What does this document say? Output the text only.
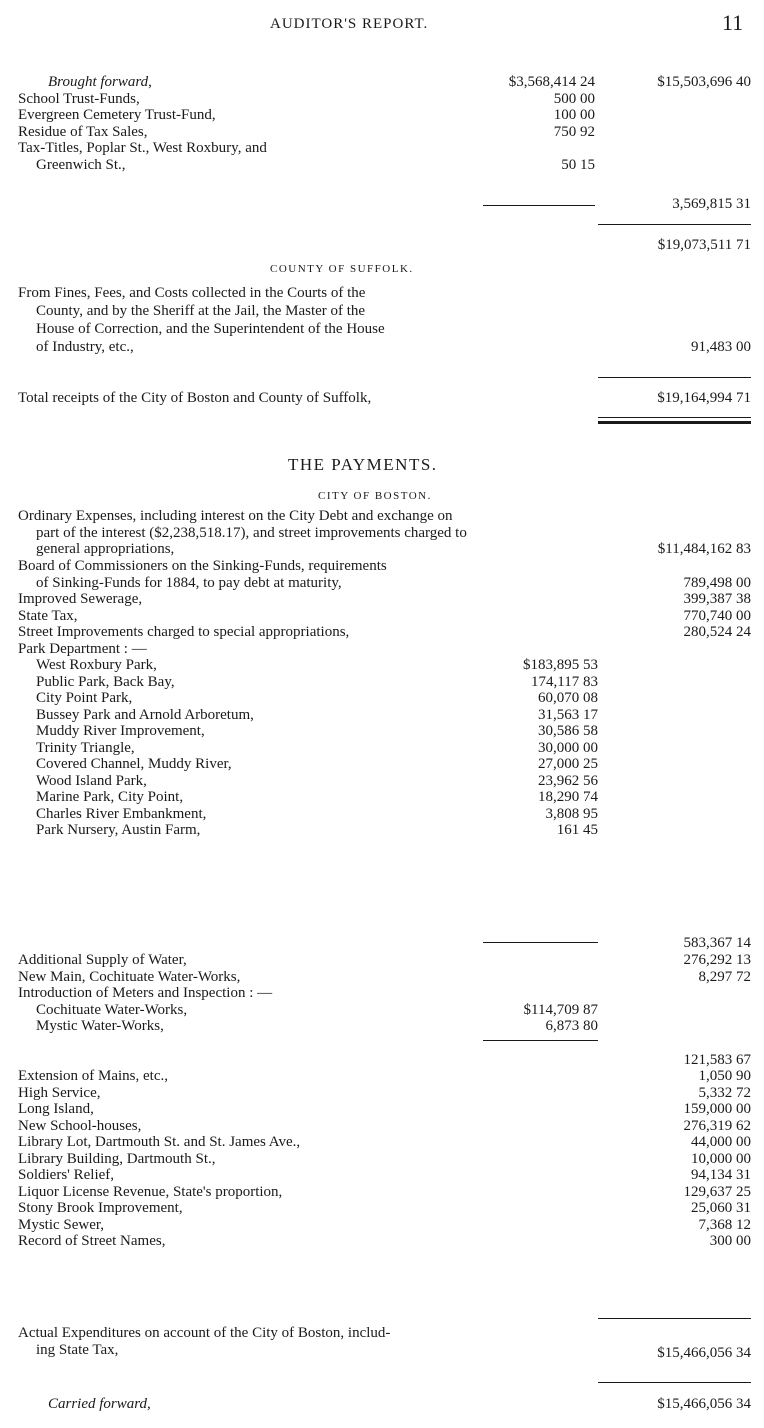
AUDITOR'S REPORT.	11
Brought forward,	$3,568,414 24	$15,503,696 40
School Trust-Funds,	500 00
Evergreen Cemetery Trust-Fund,	100 00
Residue of Tax Sales,	750 92
Tax-Titles, Poplar St., West Roxbury, and
Greenwich St.,	50 15
3,569,815 31
$19,073,511 71
COUNTY OF SUFFOLK.
From Fines, Fees, and Costs collected in the Courts of the
County, and by the Sheriff at the Jail, the Master of the
House of Correction, and the Superintendent of the House
of Industry, etc.,	91,483 00
Total receipts of the City of Boston and County of Suffolk,	$19,164,994 71
THE PAYMENTS.
CITY OF BOSTON.
Ordinary Expenses, including interest on the City Debt and exchange on
part of the interest ($2,238,518.17), and street improvements charged to
general appropriations,	$11,484,162 83
Board of Commissioners on the Sinking-Funds, requirements
of Sinking-Funds for 1884, to pay debt at maturity,	789,498 00
Improved Sewerage,	399,387 38
State Tax,	770,740 00
Street Improvements charged to special appropriations,	280,524 24
Park Department : —
West Roxbury Park,	$183,895 53
Public Park, Back Bay,	174,117 83
City Point Park,	60,070 08
Bussey Park and Arnold Arboretum,	31,563 17
Muddy River Improvement,	30,586 58
Trinity Triangle,	30,000 00
Covered Channel, Muddy River,	27,000 25
Wood Island Park,	23,962 56
Marine Park, City Point,	18,290 74
Charles River Embankment,	3,808 95
Park Nursery, Austin Farm,	161 45
583,367 14
Additional Supply of Water,	276,292 13
New Main, Cochituate Water-Works,	8,297 72
Introduction of Meters and Inspection : —
Cochituate Water-Works,	$114,709 87
Mystic Water-Works,	6,873 80
121,583 67
Extension of Mains, etc.,	1,050 90
High Service,	5,332 72
Long Island,	159,000 00
New School-houses,	276,319 62
Library Lot, Dartmouth St. and St. James Ave.,	44,000 00
Library Building, Dartmouth St.,	10,000 00
Soldiers' Relief,	94,134 31
Liquor License Revenue, State's proportion,	129,637 25
Stony Brook Improvement,	25,060 31
Mystic Sewer,	7,368 12
Record of Street Names,	300 00
Actual Expenditures on account of the City of Boston, includ-
ing State Tax,	$15,466,056 34
Carried forward,	$15,466,056 34
